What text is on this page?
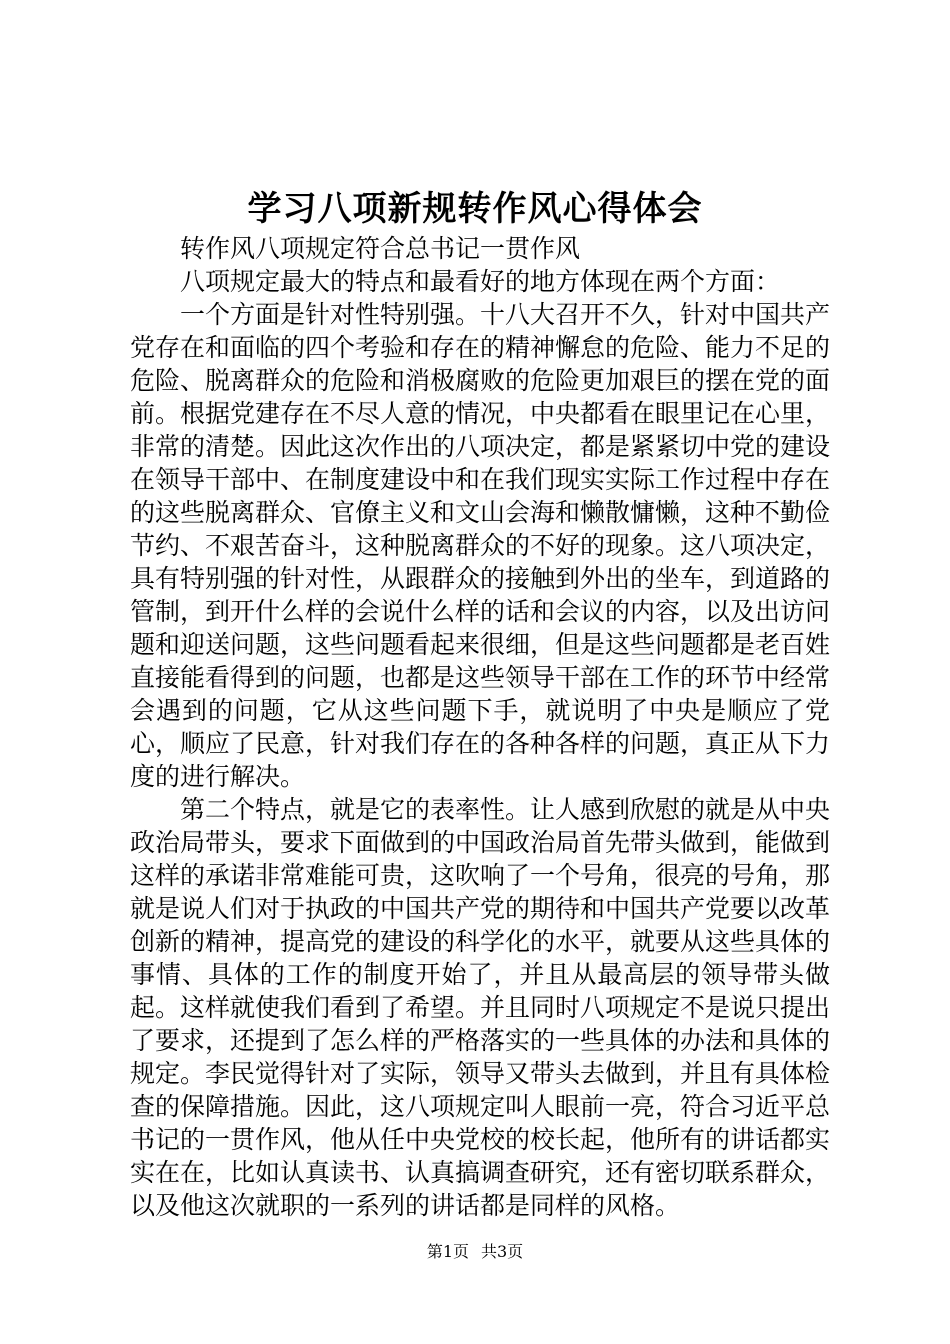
学习八项新规转作风心得体会

转作风八项规定符合总书记一贯作风

八项规定最大的特点和最看好的地方体现在两个方面：

一个方面是针对性特别强。十八大召开不久，针对中国共产党存在和面临的四个考验和存在的精神懈怠的危险、能力不足的危险、脱离群众的危险和消极腐败的危险更加艰巨的摆在党的面前。根据党建存在不尽人意的情况，中央都看在眼里记在心里，非常的清楚。因此这次作出的八项决定，都是紧紧切中党的建设在领导干部中、在制度建设中和在我们现实实际工作过程中存在的这些脱离群众、官僚主义和文山会海和懒散慵懒，这种不勤俭节约、不艰苦奋斗，这种脱离群众的不好的现象。这八项决定，具有特别强的针对性，从跟群众的接触到外出的坐车，到道路的管制，到开什么样的会说什么样的话和会议的内容，以及出访问题和迎送问题，这些问题看起来很细，但是这些问题都是老百姓直接能看得到的问题，也都是这些领导干部在工作的环节中经常会遇到的问题，它从这些问题下手，就说明了中央是顺应了党心，顺应了民意，针对我们存在的各种各样的问题，真正从下力度的进行解决。

第二个特点，就是它的表率性。让人感到欣慰的就是从中央政治局带头，要求下面做到的中国政治局首先带头做到，能做到这样的承诺非常难能可贵，这吹响了一个号角，很亮的号角，那就是说人们对于执政的中国共产党的期待和中国共产党要以改革创新的精神，提高党的建设的科学化的水平，就要从这些具体的事情、具体的工作的制度开始了，并且从最高层的领导带头做起。这样就使我们看到了希望。并且同时八项规定不是说只提出了要求，还提到了怎么样的严格落实的一些具体的办法和具体的规定。李民觉得针对了实际，领导又带头去做到，并且有具体检查的保障措施。因此，这八项规定叫人眼前一亮，符合习近平总书记的一贯作风，他从任中央党校的校长起，他所有的讲话都实实在在，比如认真读书、认真搞调查研究，还有密切联系群众，以及他这次就职的一系列的讲话都是同样的风格。

第1页 共3页
